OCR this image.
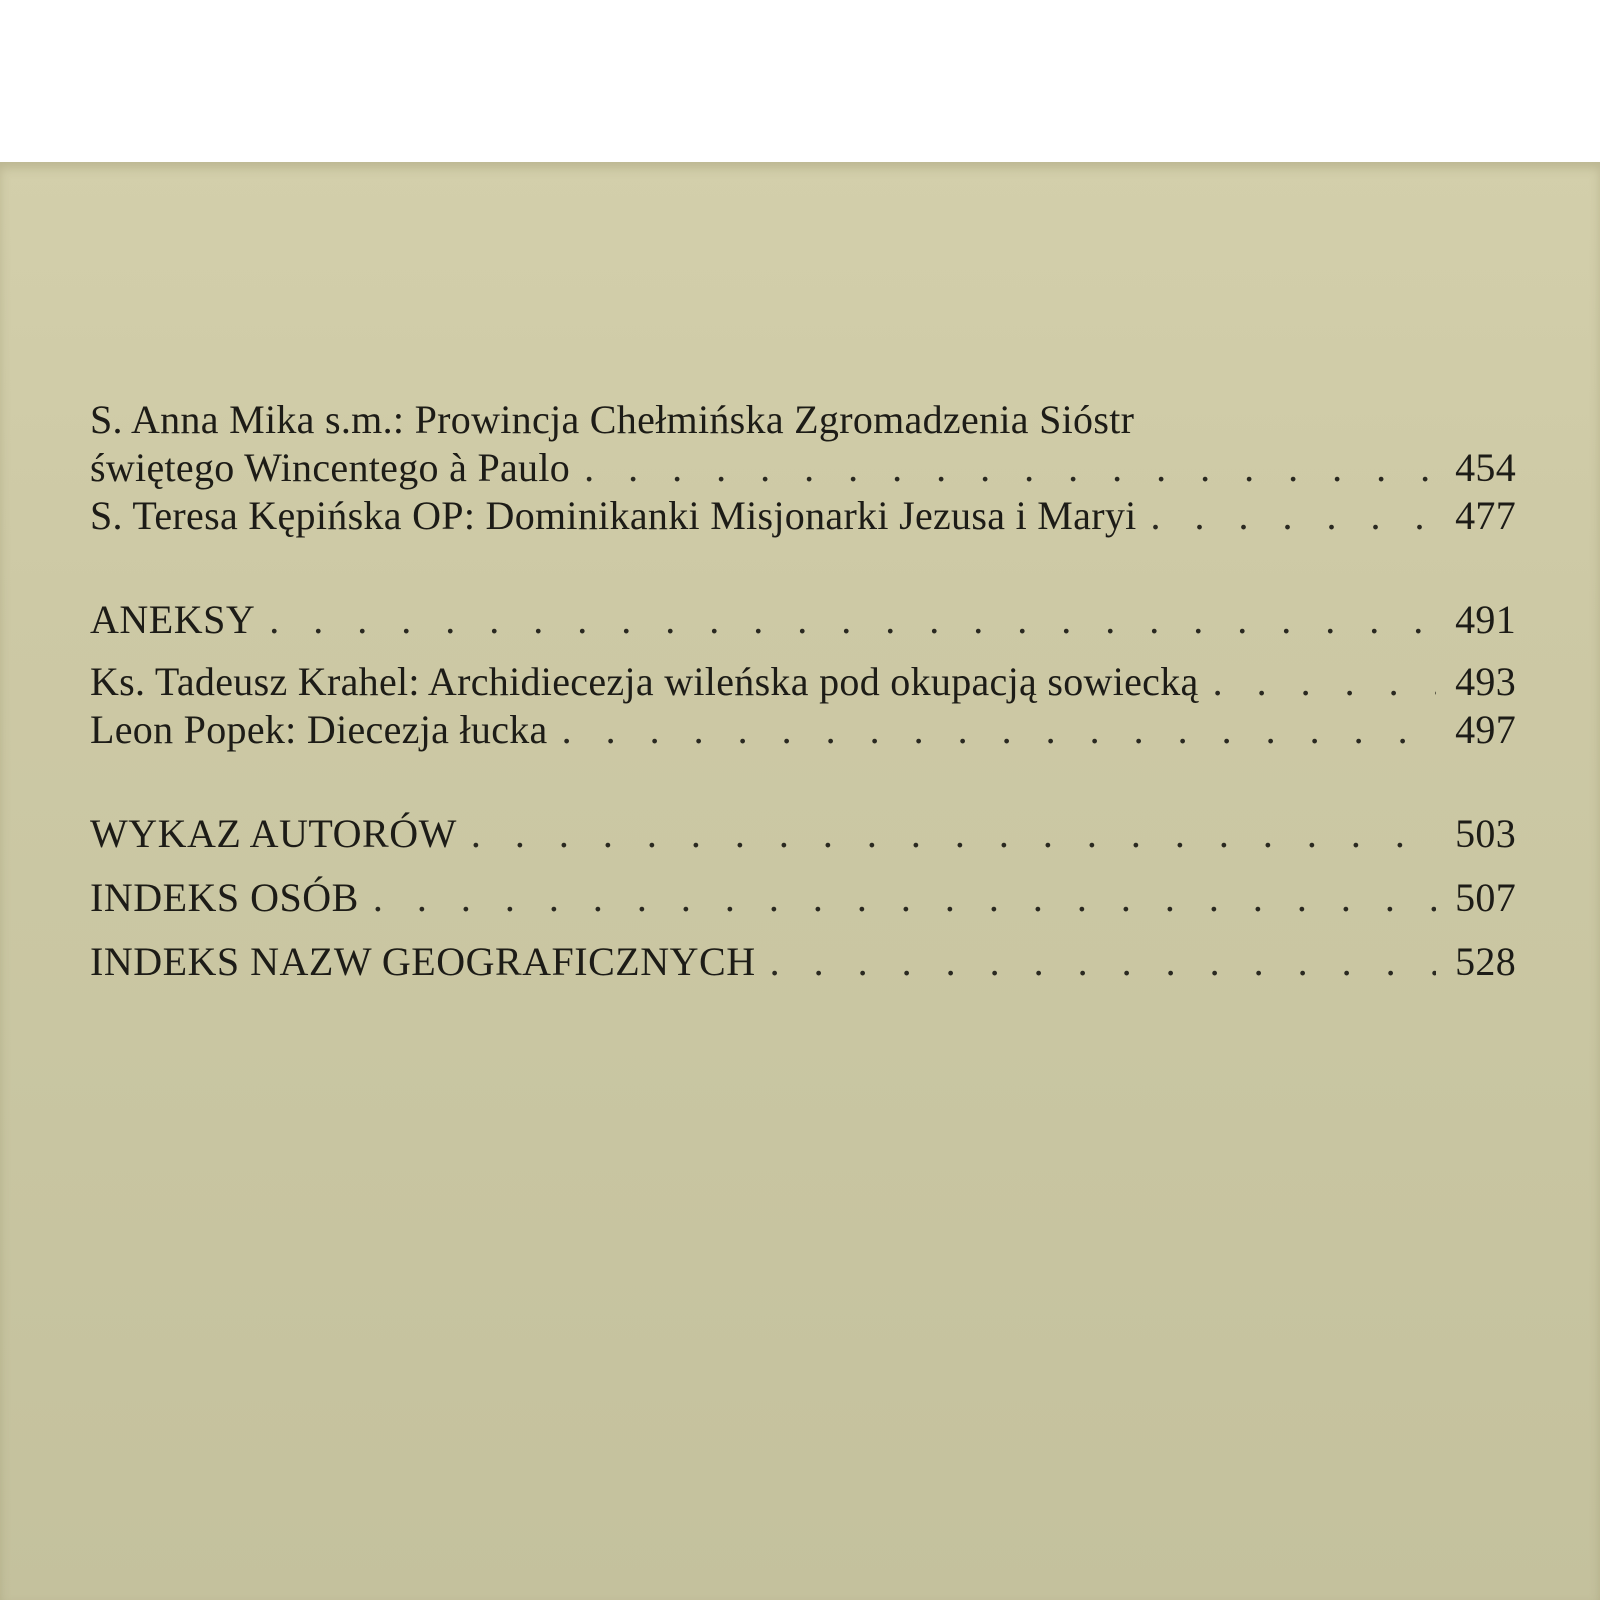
S. Anna Mika s.m.: Prowincja Chełmińska Zgromadzenia Sióstr
świętego Wincentego à Paulo . . .	454
S. Teresa Kępińska OP: Dominikanki Misjonarki Jezusa i Maryi . . .	477
ANEKSY . . .	491
Ks. Tadeusz Krahel: Archidiecezja wileńska pod okupacją sowiecką . . .	493
Leon Popek: Diecezja łucka . . .	497
WYKAZ AUTORÓW . . .	503
INDEKS OSÓB . . .	507
INDEKS NAZW GEOGRAFICZNYCH . . .	528
